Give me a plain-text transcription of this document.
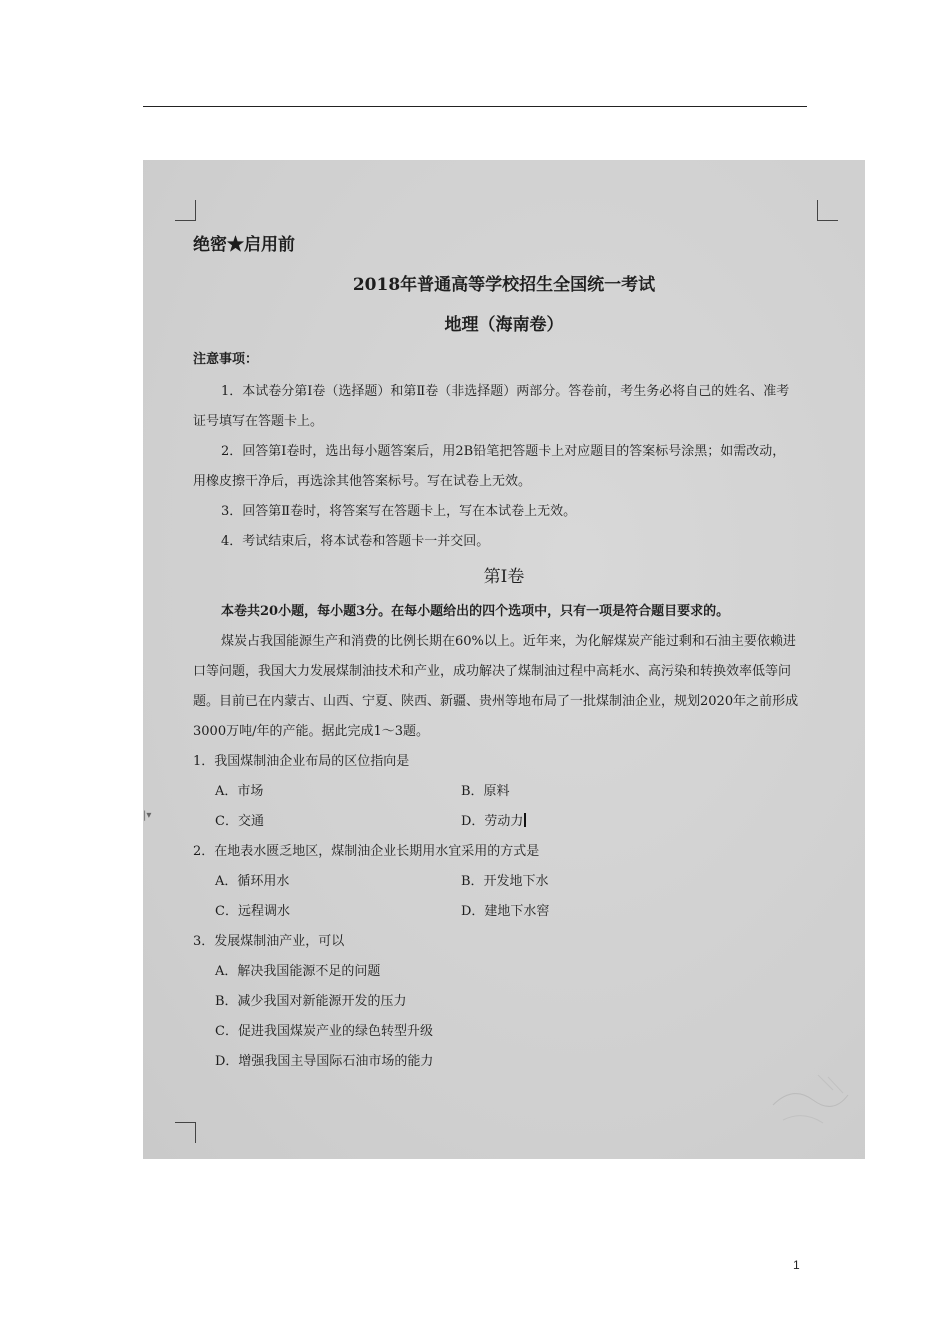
|▾
绝密★启用前
2018年普通高等学校招生全国统一考试
地理（海南卷）
注意事项：
1．本试卷分第Ⅰ卷（选择题）和第Ⅱ卷（非选择题）两部分。答卷前，考生务必将自己的姓名、准考
证号填写在答题卡上。
2．回答第Ⅰ卷时，选出每小题答案后，用2B铅笔把答题卡上对应题目的答案标号涂黑；如需改动，
用橡皮擦干净后，再选涂其他答案标号。写在试卷上无效。
3．回答第Ⅱ卷时，将答案写在答题卡上，写在本试卷上无效。
4．考试结束后，将本试卷和答题卡一并交回。
第Ⅰ卷
本卷共20小题，每小题3分。在每小题给出的四个选项中，只有一项是符合题目要求的。
煤炭占我国能源生产和消费的比例长期在60%以上。近年来，为化解煤炭产能过剩和石油主要依赖进
口等问题，我国大力发展煤制油技术和产业，成功解决了煤制油过程中高耗水、高污染和转换效率低等问
题。目前已在内蒙古、山西、宁夏、陕西、新疆、贵州等地布局了一批煤制油企业，规划2020年之前形成
3000万吨/年的产能。据此完成1～3题。
1．我国煤制油企业布局的区位指向是
A．市场	B．原料
C．交通	D．劳动力
2．在地表水匮乏地区，煤制油企业长期用水宜采用的方式是
A．循环用水	B．开发地下水
C．远程调水	D．建地下水窖
3．发展煤制油产业，可以
A．解决我国能源不足的问题
B．减少我国对新能源开发的压力
C．促进我国煤炭产业的绿色转型升级
D．增强我国主导国际石油市场的能力
1
